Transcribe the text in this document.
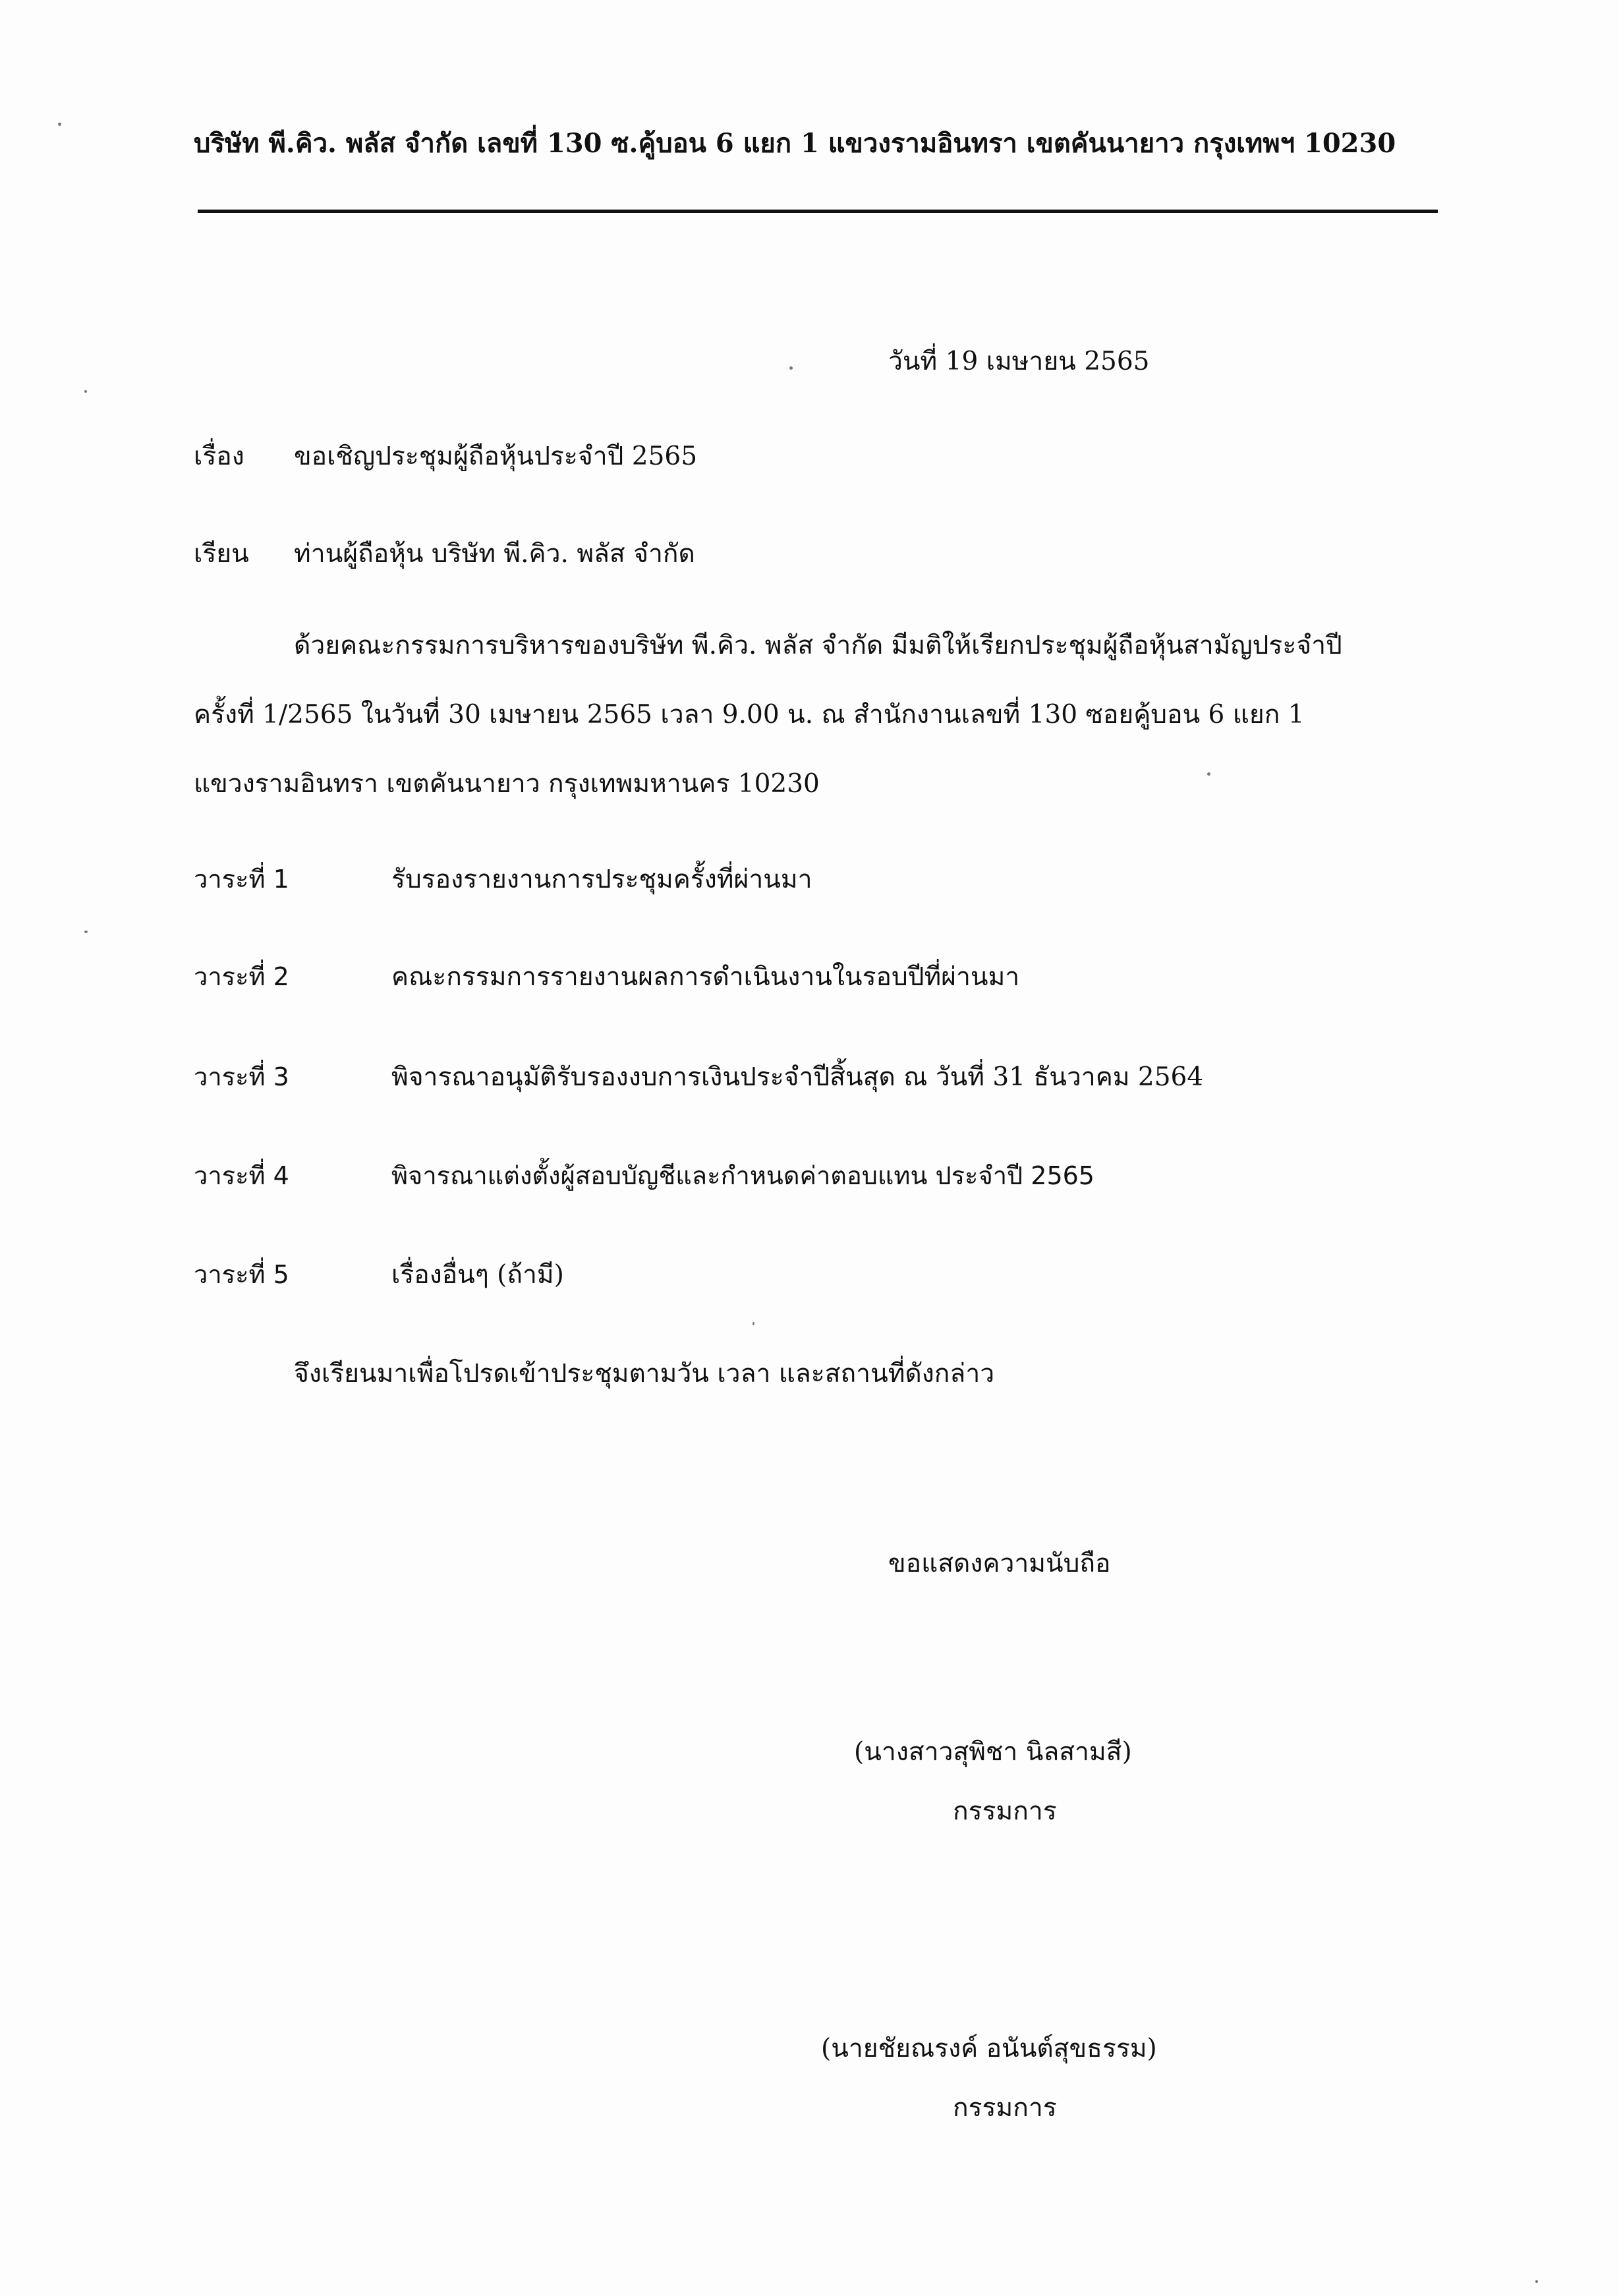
บริษัท พี.คิว. พลัส จำกัด เลขที่ 130 ซ.คู้บอน 6 แยก 1 แขวงรามอินทรา เขตคันนายาว กรุงเทพฯ 10230
วันที่ 19 เมษายน 2565
เรื่อง ขอเชิญประชุมผู้ถือหุ้นประจำปี 2565
เรียน ท่านผู้ถือหุ้น บริษัท พี.คิว. พลัส จำกัด
ด้วยคณะกรรมการบริหารของบริษัท พี.คิว. พลัส จำกัด มีมติให้เรียกประชุมผู้ถือหุ้นสามัญประจำปี
ครั้งที่ 1/2565 ในวันที่ 30 เมษายน 2565 เวลา 9.00 น. ณ สำนักงานเลขที่ 130 ซอยคู้บอน 6 แยก 1
แขวงรามอินทรา เขตคันนายาว กรุงเทพมหานคร 10230
วาระที่ 1	รับรองรายงานการประชุมครั้งที่ผ่านมา
วาระที่ 2	คณะกรรมการรายงานผลการดำเนินงานในรอบปีที่ผ่านมา
วาระที่ 3	พิจารณาอนุมัติรับรองงบการเงินประจำปีสิ้นสุด ณ วันที่ 31 ธันวาคม 2564
วาระที่ 4	พิจารณาแต่งตั้งผู้สอบบัญชีและกำหนดค่าตอบแทน ประจำปี 2565
วาระที่ 5	เรื่องอื่นๆ (ถ้ามี)
จึงเรียนมาเพื่อโปรดเข้าประชุมตามวัน เวลา และสถานที่ดังกล่าว
ขอแสดงความนับถือ
(นางสาวสุพิชา นิลสามสี)
กรรมการ
(นายชัยณรงค์ อนันต์สุขธรรม)
กรรมการ
